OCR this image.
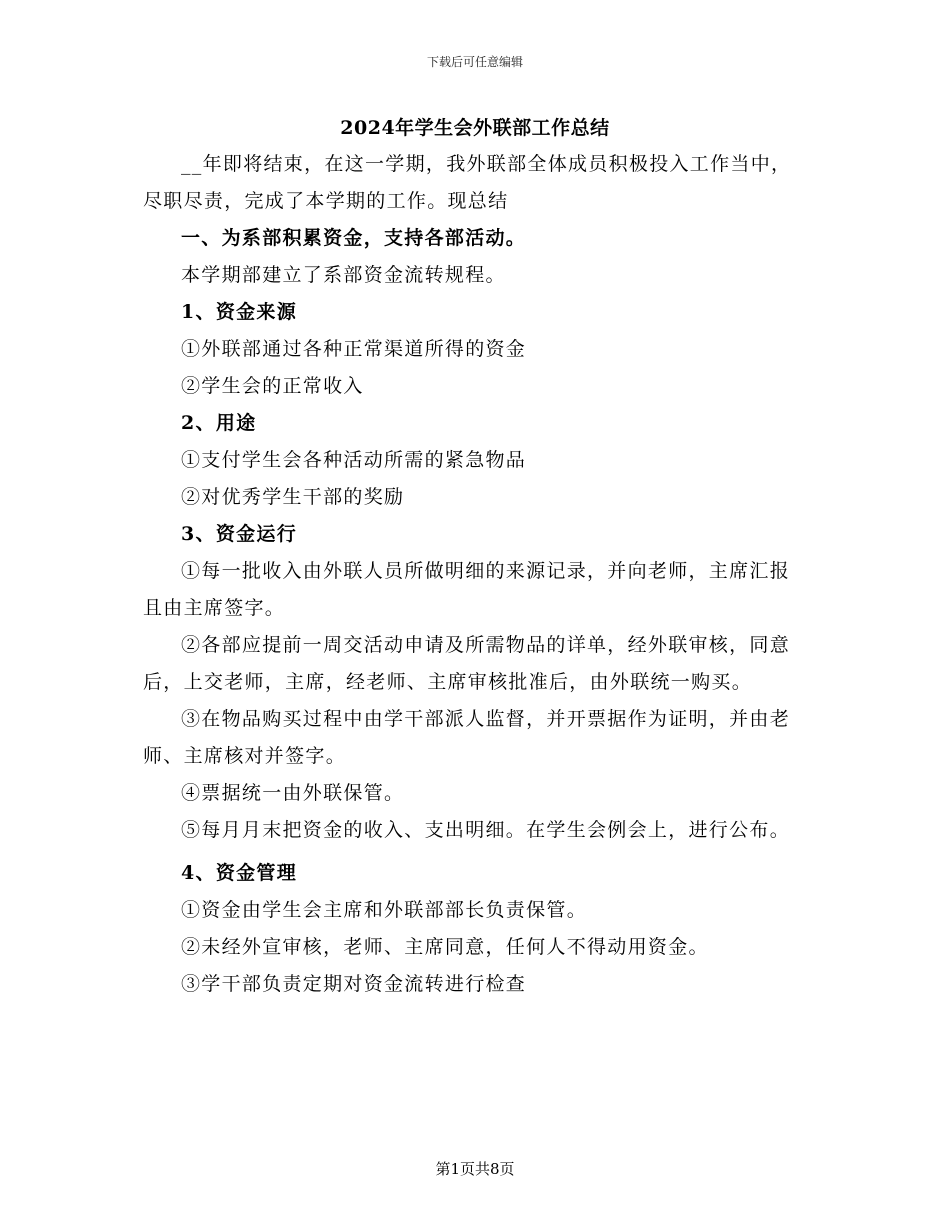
下载后可任意编辑
2024年学生会外联部工作总结

__年即将结束，在这一学期，我外联部全体成员积极投入工作当中，尽职尽责，完成了本学期的工作。现总结

一、为系部积累资金，支持各部活动。

本学期部建立了系部资金流转规程。

1、资金来源

①外联部通过各种正常渠道所得的资金

②学生会的正常收入

2、用途

①支付学生会各种活动所需的紧急物品

②对优秀学生干部的奖励

3、资金运行

①每一批收入由外联人员所做明细的来源记录，并向老师，主席汇报且由主席签字。

②各部应提前一周交活动申请及所需物品的详单，经外联审核，同意后，上交老师，主席，经老师、主席审核批准后，由外联统一购买。

③在物品购买过程中由学干部派人监督，并开票据作为证明，并由老师、主席核对并签字。

④票据统一由外联保管。

⑤每月月末把资金的收入、支出明细。在学生会例会上，进行公布。

4、资金管理

①资金由学生会主席和外联部部长负责保管。

②未经外宣审核，老师、主席同意，任何人不得动用资金。

③学干部负责定期对资金流转进行检查

第1页共8页
